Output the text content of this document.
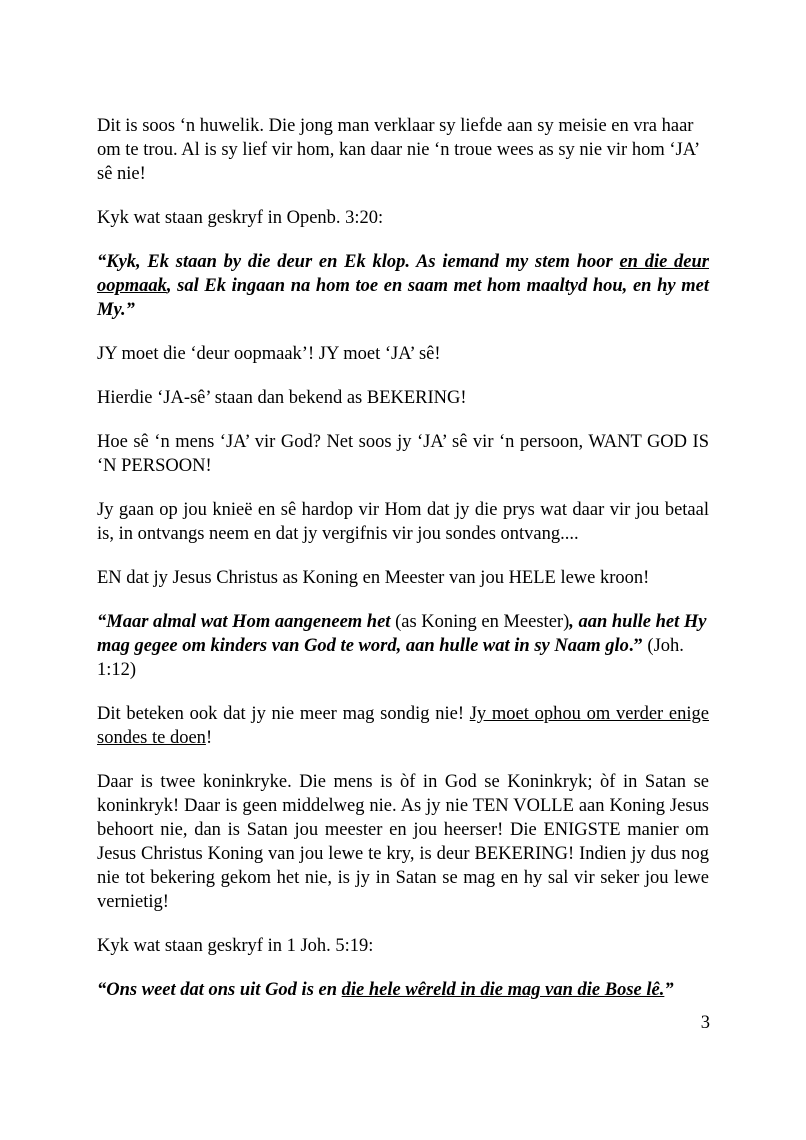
Dit is soos ‘n huwelik. Die jong man verklaar sy liefde aan sy meisie en vra haar om te trou. Al is sy lief vir hom, kan daar nie ‘n troue wees as sy nie vir hom ‘JA’ sê nie!

Kyk wat staan geskryf in Openb. 3:20:

“Kyk, Ek staan by die deur en Ek klop. As iemand my stem hoor en die deur oopmaak, sal Ek ingaan na hom toe en saam met hom maaltyd hou, en hy met My.”

JY moet die ‘deur oopmaak’! JY moet ‘JA’ sê!

Hierdie ‘JA-sê’ staan dan bekend as BEKERING!

Hoe sê ‘n mens ‘JA’ vir God? Net soos jy ‘JA’ sê vir ‘n persoon, WANT GOD IS ‘N PERSOON!

Jy gaan op jou knieë en sê hardop vir Hom dat jy die prys wat daar vir jou betaal is, in ontvangs neem en dat jy vergifnis vir jou sondes ontvang....

EN dat jy Jesus Christus as Koning en Meester van jou HELE lewe kroon!

“Maar almal wat Hom aangeneem het (as Koning en Meester), aan hulle het Hy mag gegee om kinders van God te word, aan hulle wat in sy Naam glo.” (Joh. 1:12)

Dit beteken ook dat jy nie meer mag sondig nie! Jy moet ophou om verder enige sondes te doen!

Daar is twee koninkryke. Die mens is òf in God se Koninkryk; òf in Satan se koninkryk! Daar is geen middelweg nie. As jy nie TEN VOLLE aan Koning Jesus behoort nie, dan is Satan jou meester en jou heerser! Die ENIGSTE manier om Jesus Christus Koning van jou lewe te kry, is deur BEKERING! Indien jy dus nog nie tot bekering gekom het nie, is jy in Satan se mag en hy sal vir seker jou lewe vernietig!

Kyk wat staan geskryf in 1 Joh. 5:19:

“Ons weet dat ons uit God is en die hele wêreld in die mag van die Bose lê.”

3
